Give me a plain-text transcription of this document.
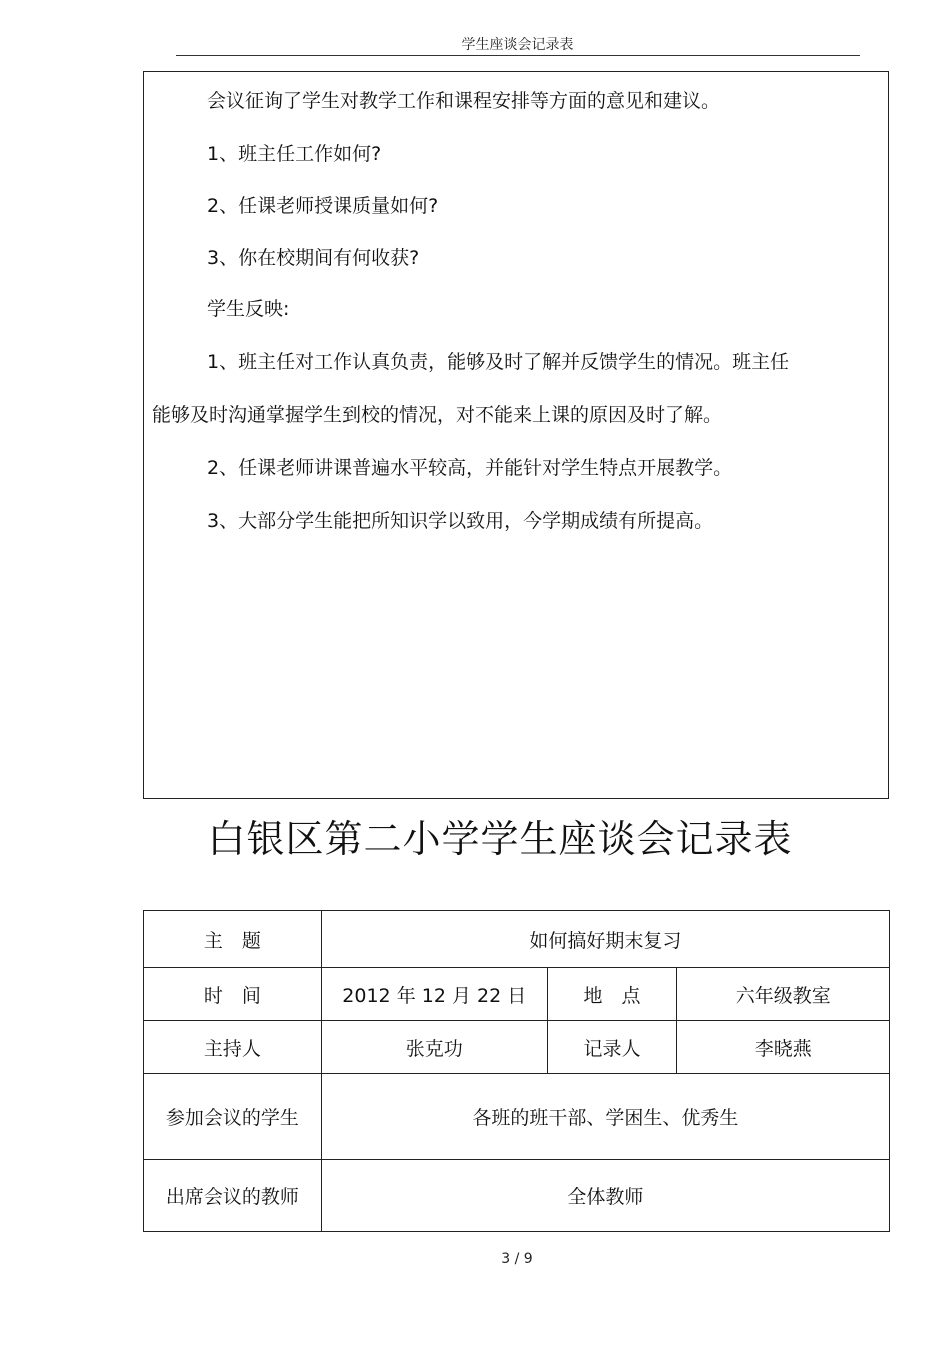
学生座谈会记录表
会议征询了学生对教学工作和课程安排等方面的意见和建议。
1、班主任工作如何?
2、任课老师授课质量如何?
3、你在校期间有何收获?
学生反映:
1、班主任对工作认真负责，能够及时了解并反馈学生的情况。班主任
能够及时沟通掌握学生到校的情况，对不能来上课的原因及时了解。
2、任课老师讲课普遍水平较高，并能针对学生特点开展教学。
3、大部分学生能把所知识学以致用，今学期成绩有所提高。
白银区第二小学学生座谈会记录表
主　题	如何搞好期末复习		
时　间	2012 年 12 月 22 日	地　点	六年级教室
主持人	张克功	记录人	李晓燕
参加会议的学生	各班的班干部、学困生、优秀生		
出席会议的教师	全体教师		
3 / 9
